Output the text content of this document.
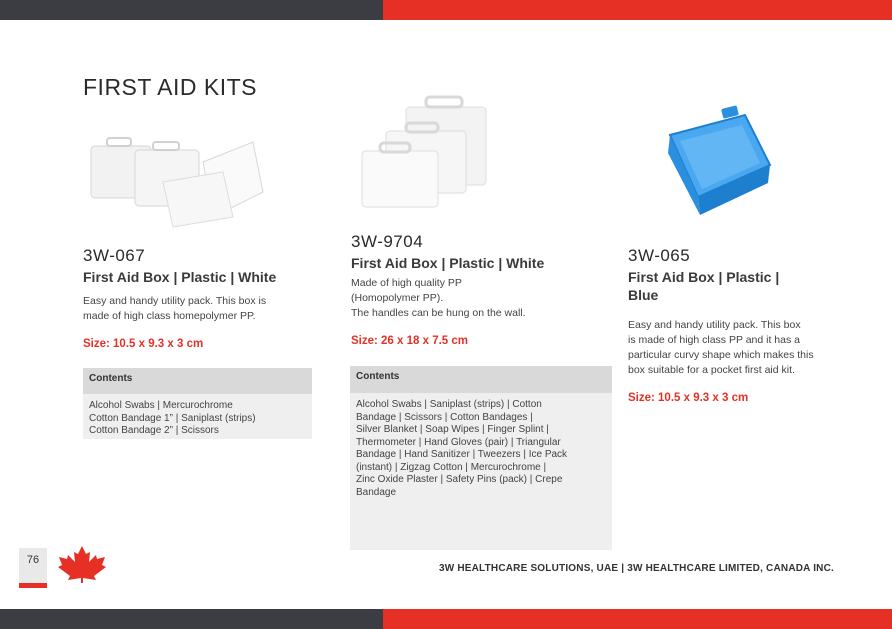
FIRST AID KITS
3W-067
First Aid Box | Plastic | White
Easy and handy utility pack. This box is
made of high class homepolymer PP.
Size: 10.5 x 9.3 x 3 cm
Contents
Alcohol Swabs | Mercurochrome
Cotton Bandage 1” | Saniplast (strips)
Cotton Bandage 2” | Scissors
3W-9704
First Aid Box | Plastic | White
Made of high quality PP
(Homopolymer PP).
The handles can be hung on the wall.
Size: 26 x 18 x 7.5 cm
Contents
Alcohol Swabs | Saniplast (strips) | Cotton
Bandage | Scissors | Cotton Bandages |
Silver Blanket | Soap Wipes | Finger Splint |
Thermometer | Hand Gloves (pair) | Triangular
Bandage | Hand Sanitizer | Tweezers | Ice Pack
(instant) | Zigzag Cotton | Mercurochrome |
Zinc Oxide Plaster | Safety Pins (pack) | Crepe
Bandage
3W-065
First Aid Box | Plastic |
Blue
Easy and handy utility pack. This box
is made of high class PP and it has a
particular curvy shape which makes this
box suitable for a pocket first aid kit.
Size: 10.5 x 9.3 x 3 cm
76
3W HEALTHCARE SOLUTIONS, UAE | 3W HEALTHCARE LIMITED, CANADA INC.
